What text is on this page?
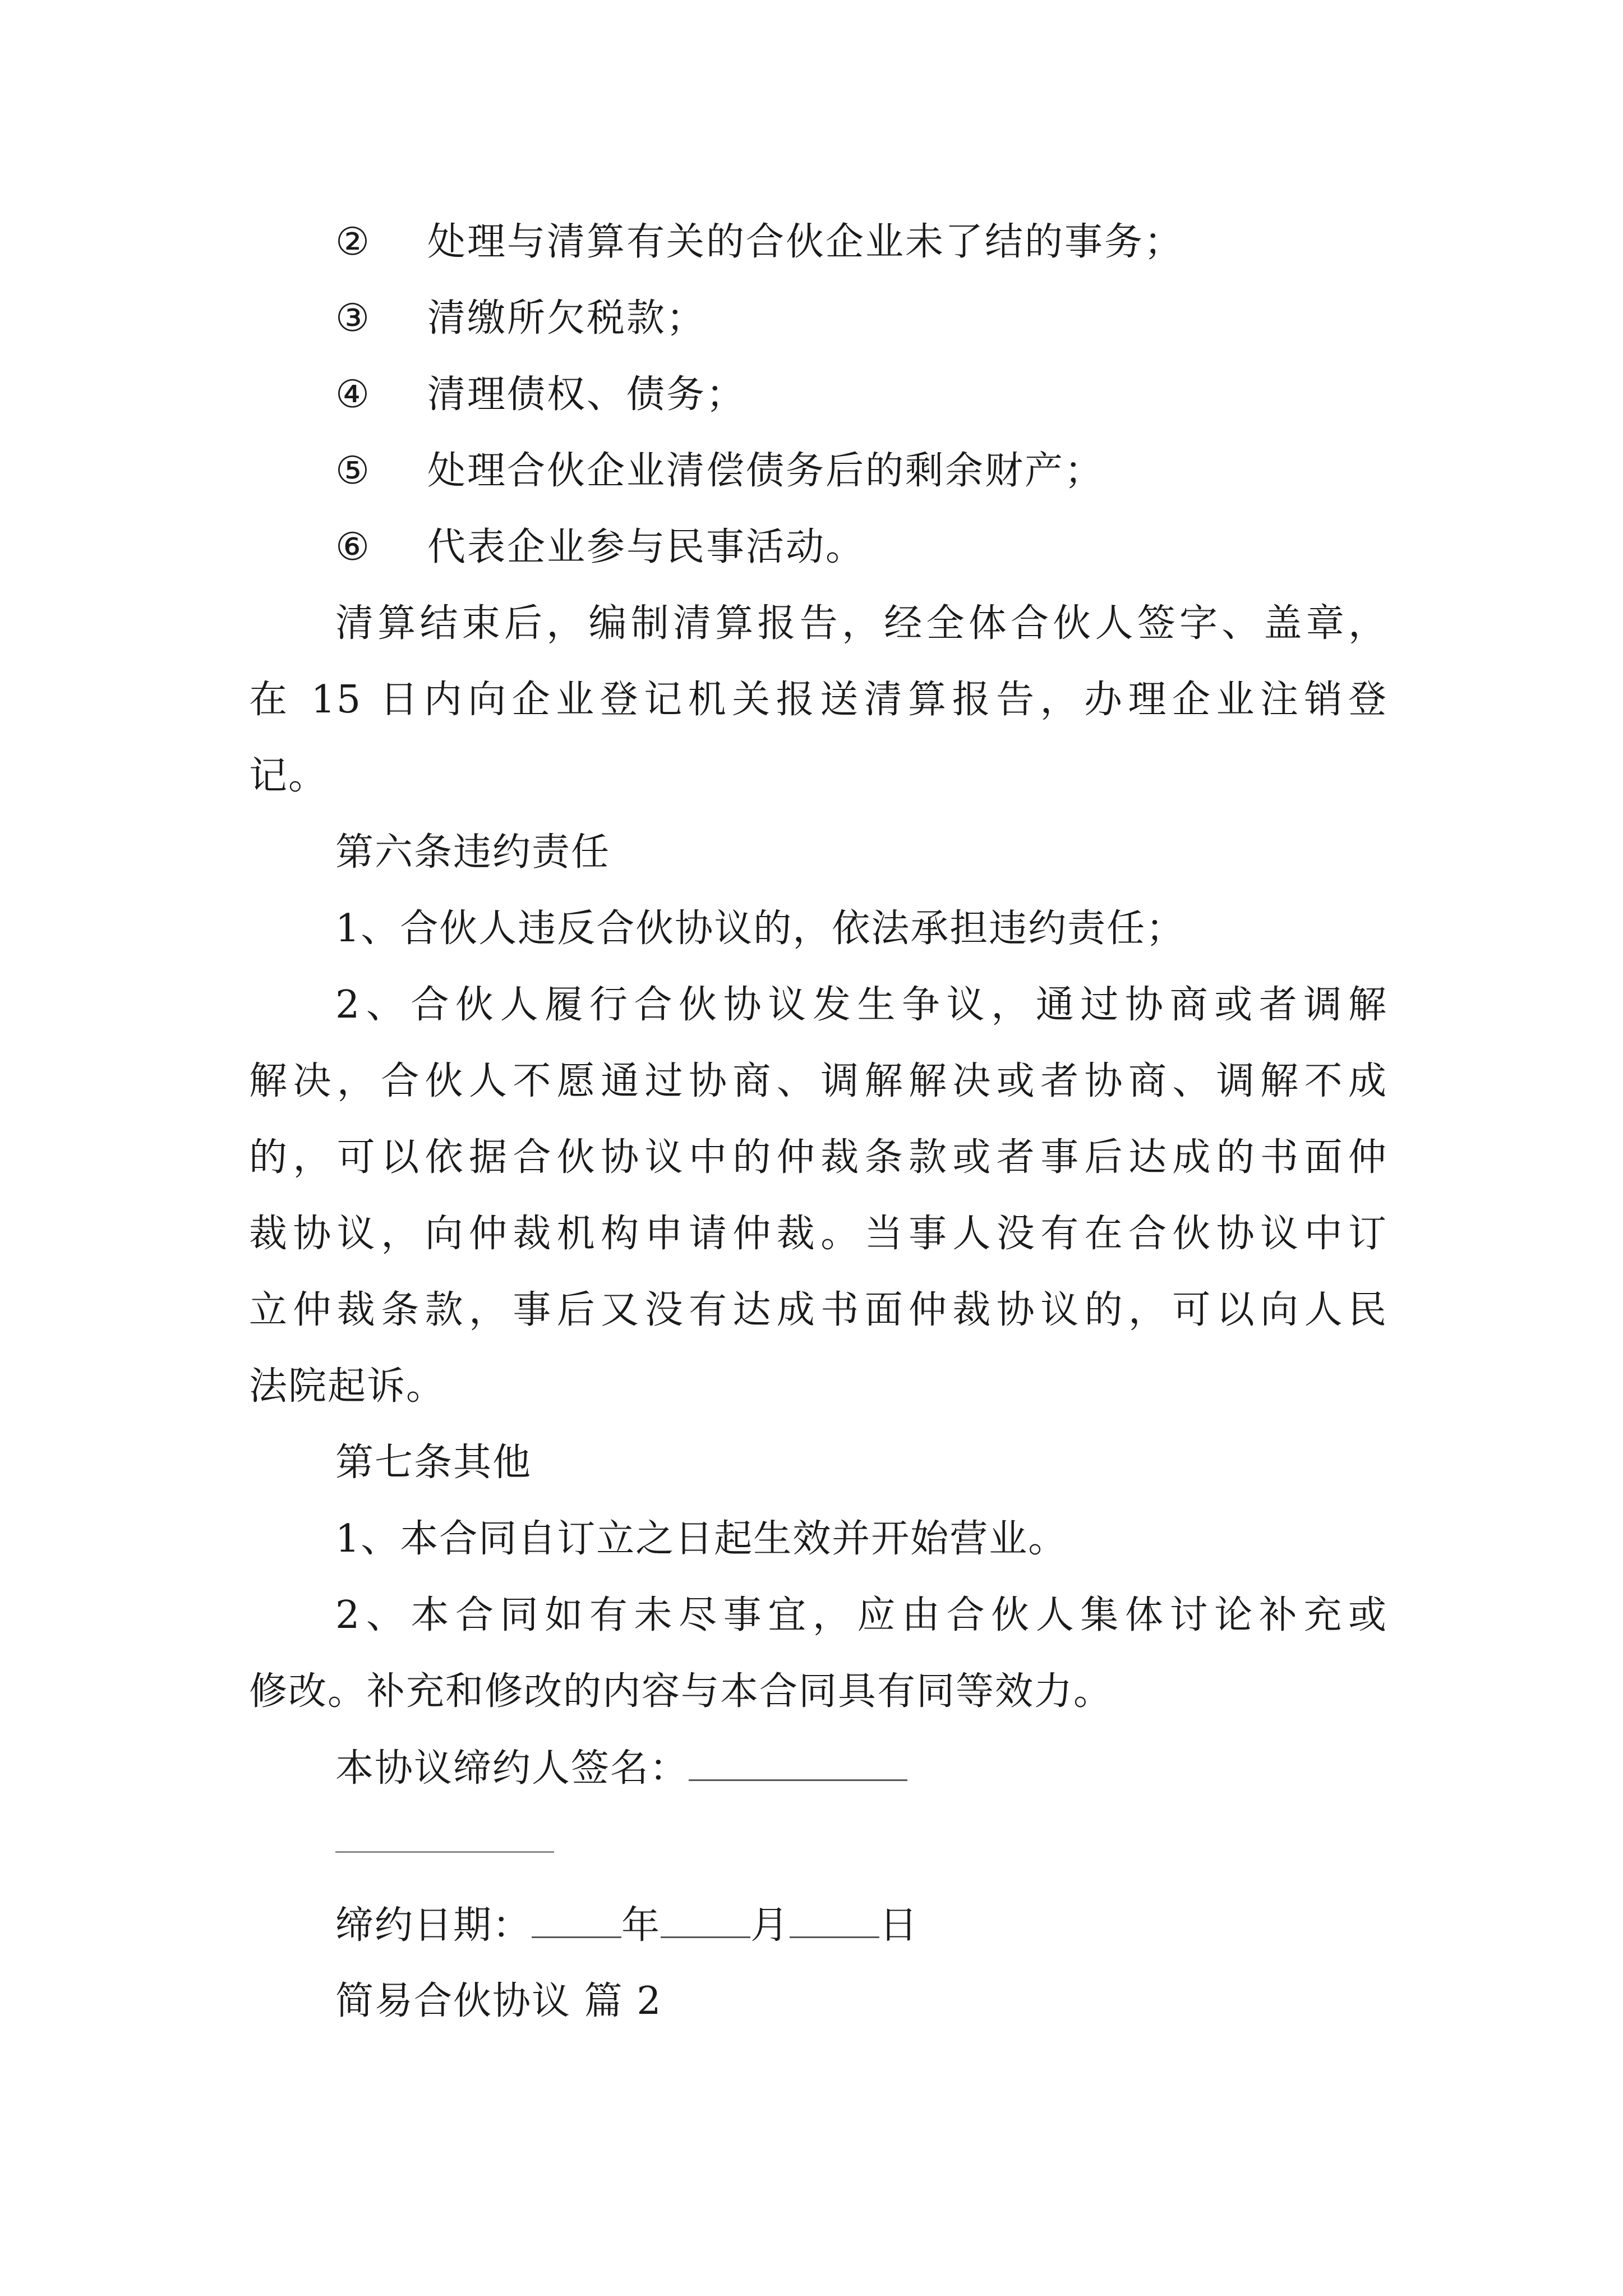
② 处理与清算有关的合伙企业未了结的事务；
③ 清缴所欠税款；
④ 清理债权、债务；
⑤ 处理合伙企业清偿债务后的剩余财产；
⑥ 代表企业参与民事活动。
清算结束后，编制清算报告，经全体合伙人签字、盖章，
在 15 日内向企业登记机关报送清算报告，办理企业注销登
记。
第六条违约责任
1、合伙人违反合伙协议的，依法承担违约责任；
2、合伙人履行合伙协议发生争议，通过协商或者调解
解决，合伙人不愿通过协商、调解解决或者协商、调解不成
的，可以依据合伙协议中的仲裁条款或者事后达成的书面仲
裁协议，向仲裁机构申请仲裁。当事人没有在合伙协议中订
立仲裁条款，事后又没有达成书面仲裁协议的，可以向人民
法院起诉。
第七条其他
1、本合同自订立之日起生效并开始营业。
2、本合同如有未尽事宜，应由合伙人集体讨论补充或
修改。补充和修改的内容与本合同具有同等效力。
本协议缔约人签名：
缔约日期： 年 月 日
简易合伙协议 篇 2
